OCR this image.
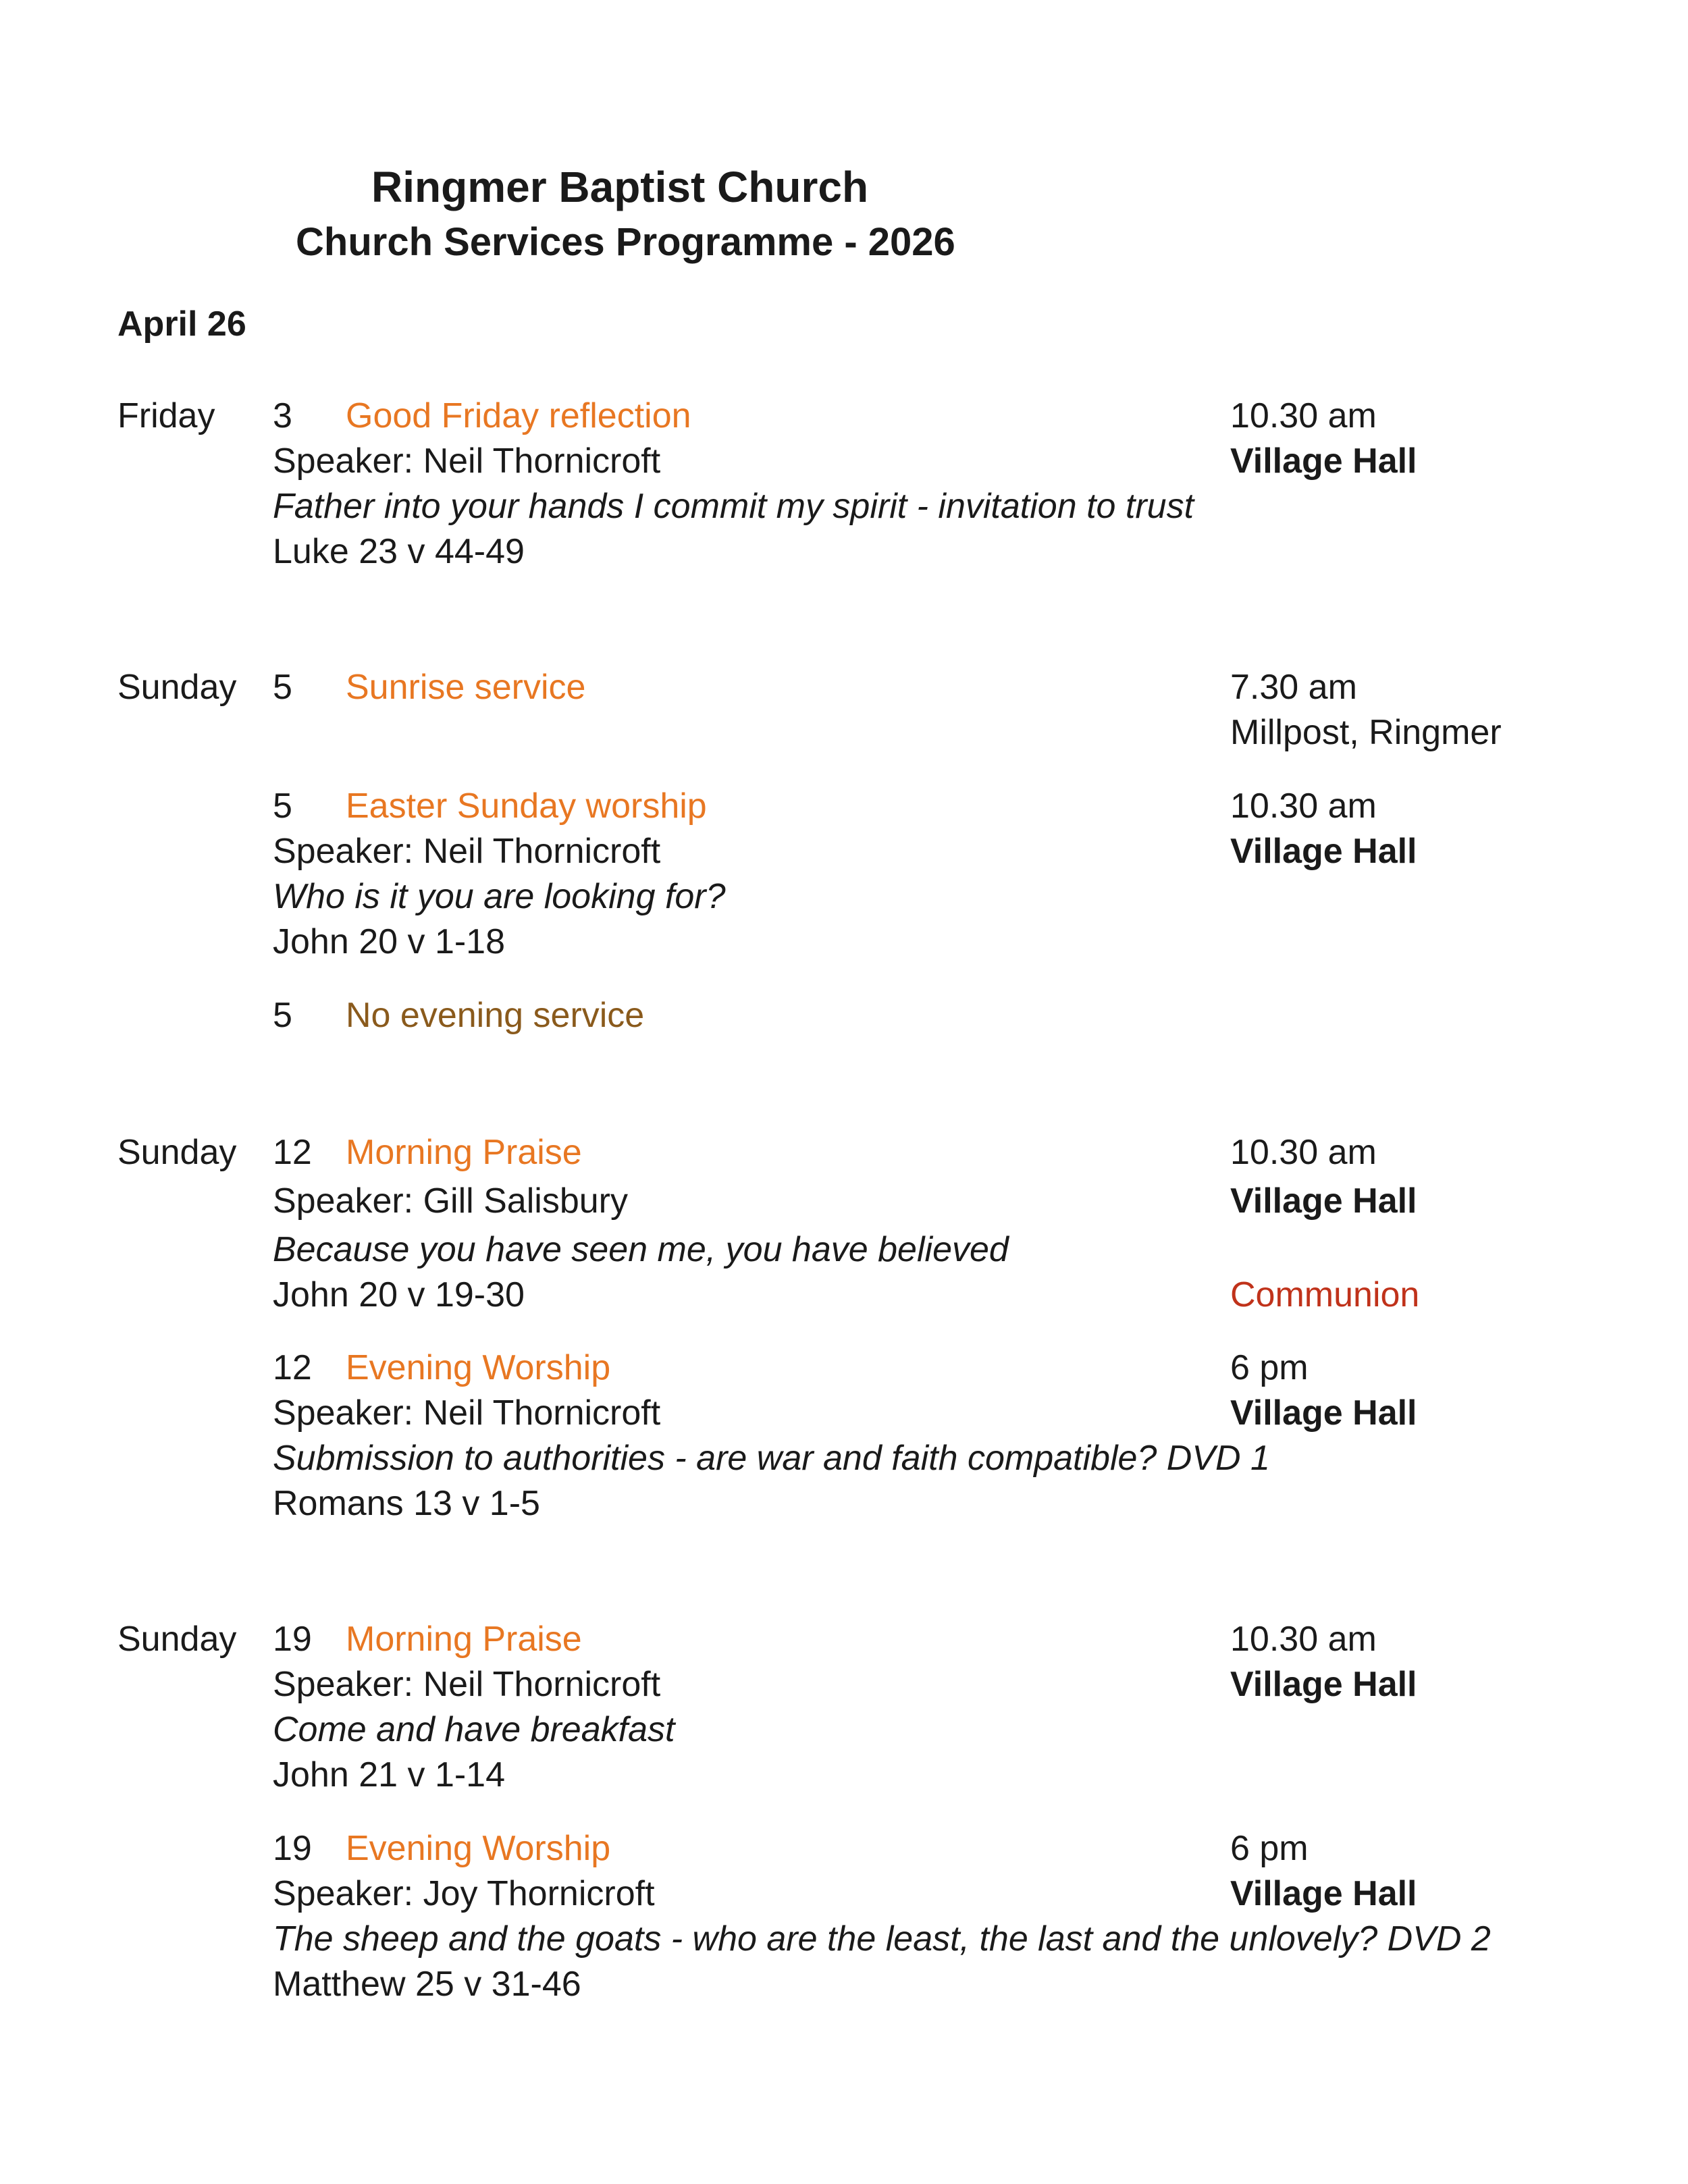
Ringmer Baptist Church
Church Services Programme - 2026
April 26
Friday 3 Good Friday reflection	10.30 am
Speaker: Neil Thornicroft	Village Hall
Father into your hands I commit my spirit - invitation to trust
Luke 23 v 44-49
Sunday 5 Sunrise service	7.30 am
Millpost, Ringmer
5 Easter Sunday worship	10.30 am
Speaker: Neil Thornicroft	Village Hall
Who is it you are looking for?
John 20 v 1-18
5 No evening service
Sunday 12 Morning Praise	10.30 am
Speaker: Gill Salisbury	Village Hall
Because you have seen me, you have believed
John 20 v 19-30	Communion
12 Evening Worship	6 pm
Speaker: Neil Thornicroft	Village Hall
Submission to authorities - are war and faith compatible? DVD 1
Romans 13 v 1-5
Sunday 19 Morning Praise	10.30 am
Speaker: Neil Thornicroft	Village Hall
Come and have breakfast
John 21 v 1-14
19 Evening Worship	6 pm
Speaker: Joy Thornicroft	Village Hall
The sheep and the goats - who are the least, the last and the unlovely? DVD 2
Matthew 25 v 31-46
